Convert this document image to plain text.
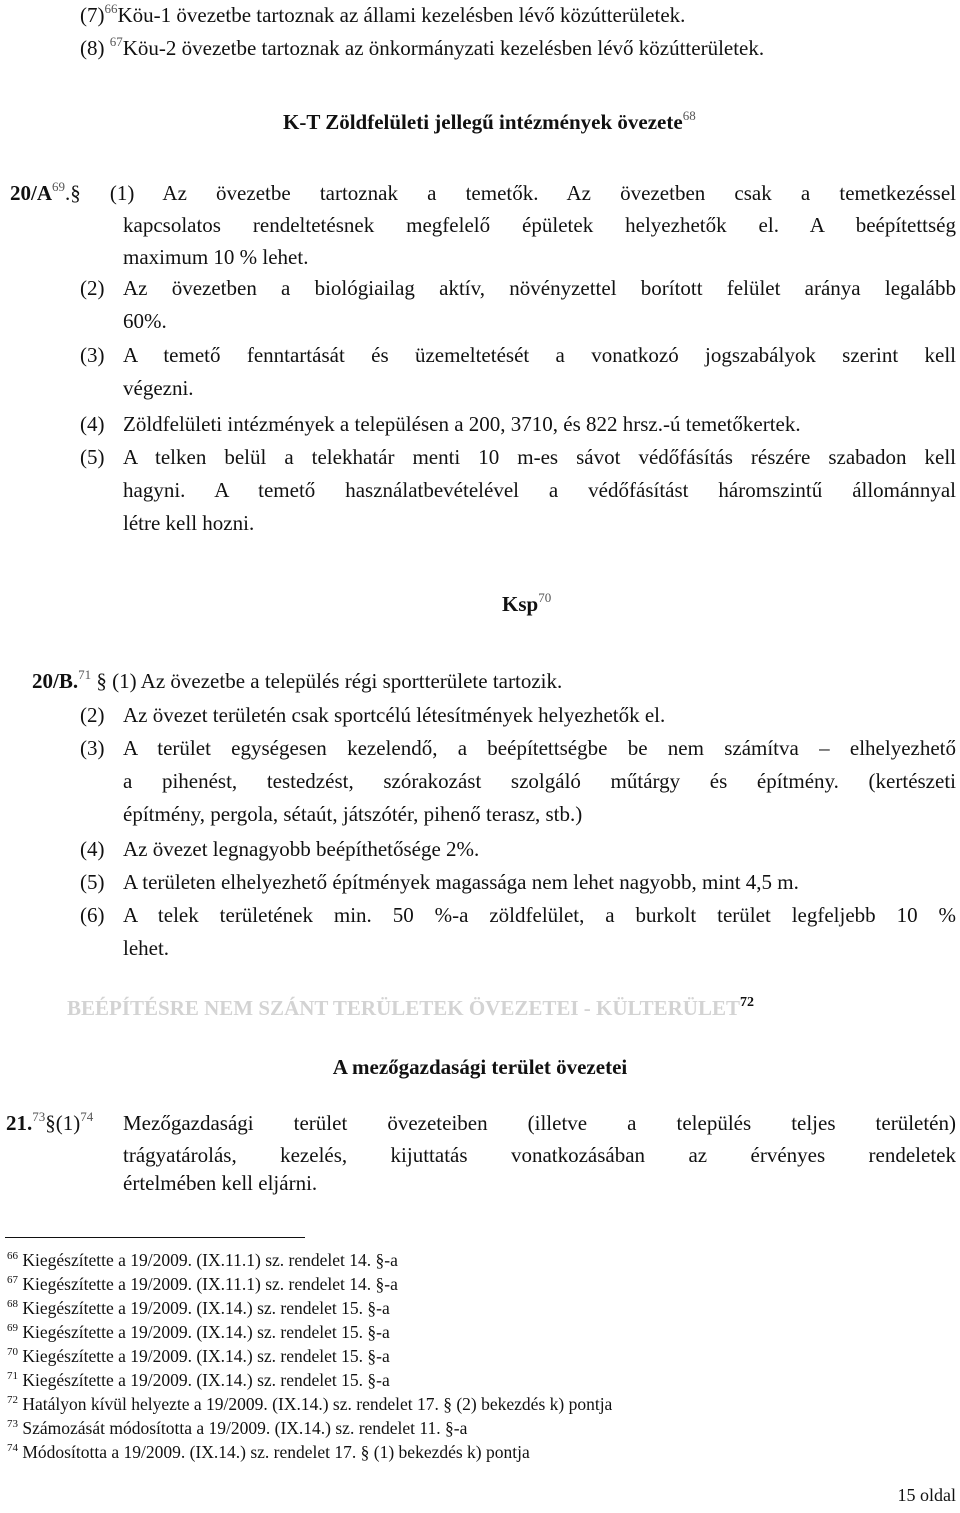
$(7)^{66}Köu-1$ övezetbe tartoznak az állami kezelésben lévő közútterületek.
(8) $^{67}$Köu-2 övezetbe tartoznak az önkormányzati kezelésben lévő közútterületek.
K-T Zöldfelületi jellegű intézmények övezete$^{68}$
$20/A^{69}.\S$ (1) Az övezetbe tartoznak a temetők. Az övezetben csak a temetkezéssel
kapcsolatos rendeltetésnek megfelelő épületek helyezhetők el. A beépítettség
maximum 10 % lehet.
(2) Az övezetben a biológiailag aktív, növényzettel borított felület aránya legalább
60%.
(3) A temető fenntartását és üzemeltetését a vonatkozó jogszabályok szerint kell
végezni.
(4) Zöldfelületi intézmények a településen a 200, 3710, és 822 hrsz.-ú temetőkertek.
(5) A telken belül a telekhatár menti 10 m-es sávot védőfásítás részére szabadon kell
hagyni. A temető használatbevételével a védőfásítást háromszintű állománnyal
létre kell hozni.
Ksp$^{70}$
20/B.$^{71}$ § (1) Az övezetbe a település régi sportterülete tartozik.
(2) Az övezet területén csak sportcélú létesítmények helyezhetők el.
(3) A terület egységesen kezelendő, a beépítettségbe be nem számítva – elhelyezhető
a pihenést, testedzést, szórakozást szolgáló műtárgy és építmény. (kertészeti
építmény, pergola, sétaút, játszótér, pihenő terasz, stb.)
(4) Az övezet legnagyobb beépíthetősége 2%.
(5) A területen elhelyezhető építmények magassága nem lehet nagyobb, mint 4,5 m.
(6) A telek területének min. 50 %-a zöldfelület, a burkolt terület legfeljebb 10 %
lehet.
BEÉPÍTÉSRE NEM SZÁNT TERÜLETEK ÖVEZETEI - KÜLTERÜLET$^{72}$
A mezőgazdasági terület övezetei
$21.73\S(1)^{74}$ Mezőgazdasági terület övezeteiben (illetve a település teljes területén)
trágyatárolás, kezelés, kijuttatás vonatkozásában az érvényes rendeletek
értelmében kell eljárni.
$^{66}$ Kiegészítette a 19/2009. (IX.11.1) sz. rendelet 14. §-a
$^{67}$ Kiegészítette a 19/2009. (IX.11.1) sz. rendelet 14. §-a
$^{68}$ Kiegészítette a 19/2009. (IX.14.) sz. rendelet 15. §-a
$^{69}$ Kiegészítette a 19/2009. (IX.14.) sz. rendelet 15. §-a
$^{70}$ Kiegészítette a 19/2009. (IX.14.) sz. rendelet 15. §-a
$^{71}$ Kiegészítette a 19/2009. (IX.14.) sz. rendelet 15. §-a
$^{72}$ Hatályon kívül helyezte a 19/2009. (IX.14.) sz. rendelet 17. § (2) bekezdés k) pontja
$^{73}$ Számozását módosította a 19/2009. (IX.14.) sz. rendelet 11. §-a
$^{74}$ Módosította a 19/2009. (IX.14.) sz. rendelet 17. § (1) bekezdés k) pontja
15 oldal
